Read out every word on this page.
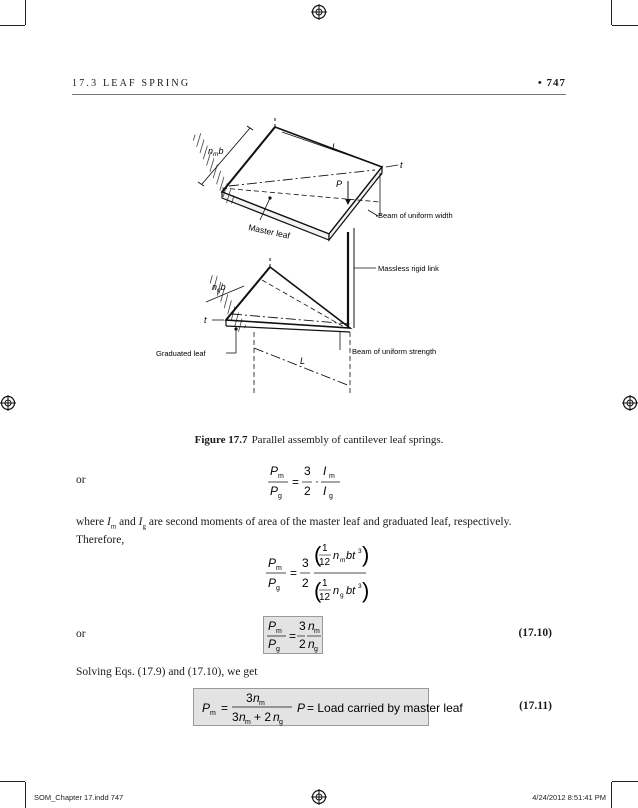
17.3 LEAF SPRING	• 747
$n_mb$	L
t
P
Master leaf
Beam of uniform width
Massless rigid link
$n_gb$
t
Graduated leaf	Beam of uniform strength
L
Figure 17.7 Parallel assembly of cantilever leaf springs.
or
P m
P g
=
3
2
·
I m
I g
where $I_m$ and $I_g$ are second moments of area of the master leaf and graduated leaf, respectively.
Therefore,
P m
P g
=
3
2
( 1
12
n m bt 3 )
( 1
12
n g bt 3 )
or
P m
P g
=
3
2
n m
n g
(17.10)
Solving Eqs. (17.9) and (17.10), we get
P m =
3 n m
3 n m + 2 n g
P = Load carried by master leaf	(17.11)
SOM_Chapter 17.indd 747	4/24/2012 8:51:41 PM
